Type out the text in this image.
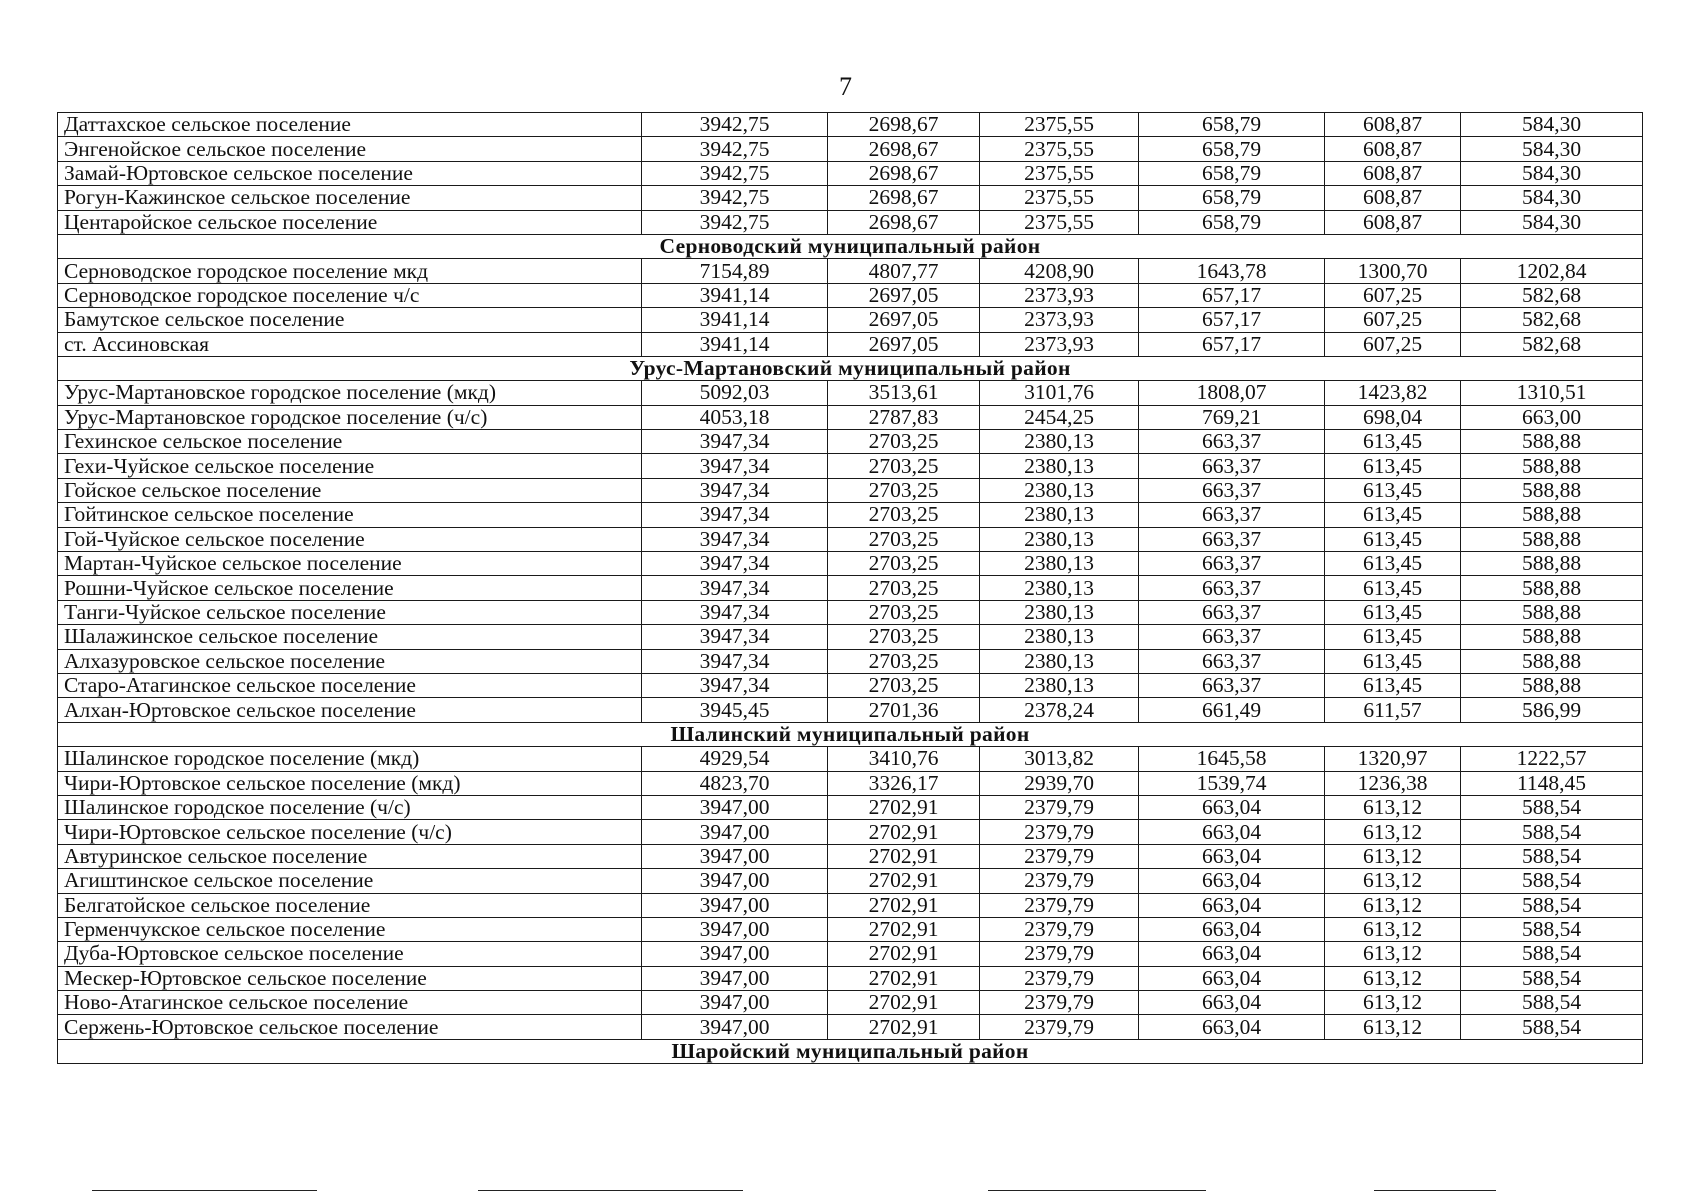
7
Даттахское сельское поселение	3942,75	2698,67	2375,55	658,79	608,87	584,30
Энгенойское сельское поселение	3942,75	2698,67	2375,55	658,79	608,87	584,30
Замай-Юртовское сельское поселение	3942,75	2698,67	2375,55	658,79	608,87	584,30
Рогун-Кажинское сельское поселение	3942,75	2698,67	2375,55	658,79	608,87	584,30
Центаройское сельское поселение	3942,75	2698,67	2375,55	658,79	608,87	584,30
Серноводский муниципальный район						
Серноводское городское поселение мкд	7154,89	4807,77	4208,90	1643,78	1300,70	1202,84
Серноводское городское поселение ч/с	3941,14	2697,05	2373,93	657,17	607,25	582,68
Бамутское сельское поселение	3941,14	2697,05	2373,93	657,17	607,25	582,68
ст. Ассиновская	3941,14	2697,05	2373,93	657,17	607,25	582,68
Урус-Мартановский муниципальный район						
Урус-Мартановское городское поселение (мкд)	5092,03	3513,61	3101,76	1808,07	1423,82	1310,51
Урус-Мартановское городское поселение (ч/с)	4053,18	2787,83	2454,25	769,21	698,04	663,00
Гехинское сельское поселение	3947,34	2703,25	2380,13	663,37	613,45	588,88
Гехи-Чуйское сельское поселение	3947,34	2703,25	2380,13	663,37	613,45	588,88
Гойское сельское поселение	3947,34	2703,25	2380,13	663,37	613,45	588,88
Гойтинское сельское поселение	3947,34	2703,25	2380,13	663,37	613,45	588,88
Гой-Чуйское сельское поселение	3947,34	2703,25	2380,13	663,37	613,45	588,88
Мартан-Чуйское сельское поселение	3947,34	2703,25	2380,13	663,37	613,45	588,88
Рошни-Чуйское сельское поселение	3947,34	2703,25	2380,13	663,37	613,45	588,88
Танги-Чуйское сельское поселение	3947,34	2703,25	2380,13	663,37	613,45	588,88
Шалажинское сельское поселение	3947,34	2703,25	2380,13	663,37	613,45	588,88
Алхазуровское сельское поселение	3947,34	2703,25	2380,13	663,37	613,45	588,88
Старо-Атагинское сельское поселение	3947,34	2703,25	2380,13	663,37	613,45	588,88
Алхан-Юртовское сельское поселение	3945,45	2701,36	2378,24	661,49	611,57	586,99
Шалинский муниципальный район						
Шалинское городское поселение (мкд)	4929,54	3410,76	3013,82	1645,58	1320,97	1222,57
Чири-Юртовское сельское поселение (мкд)	4823,70	3326,17	2939,70	1539,74	1236,38	1148,45
Шалинское городское поселение (ч/с)	3947,00	2702,91	2379,79	663,04	613,12	588,54
Чири-Юртовское сельское поселение (ч/с)	3947,00	2702,91	2379,79	663,04	613,12	588,54
Автуринское сельское поселение	3947,00	2702,91	2379,79	663,04	613,12	588,54
Агиштинское сельское поселение	3947,00	2702,91	2379,79	663,04	613,12	588,54
Белгатойское сельское поселение	3947,00	2702,91	2379,79	663,04	613,12	588,54
Герменчукское сельское поселение	3947,00	2702,91	2379,79	663,04	613,12	588,54
Дуба-Юртовское сельское поселение	3947,00	2702,91	2379,79	663,04	613,12	588,54
Мескер-Юртовское сельское поселение	3947,00	2702,91	2379,79	663,04	613,12	588,54
Ново-Атагинское сельское поселение	3947,00	2702,91	2379,79	663,04	613,12	588,54
Сержень-Юртовское сельское поселение	3947,00	2702,91	2379,79	663,04	613,12	588,54
Шаройский муниципальный район						
